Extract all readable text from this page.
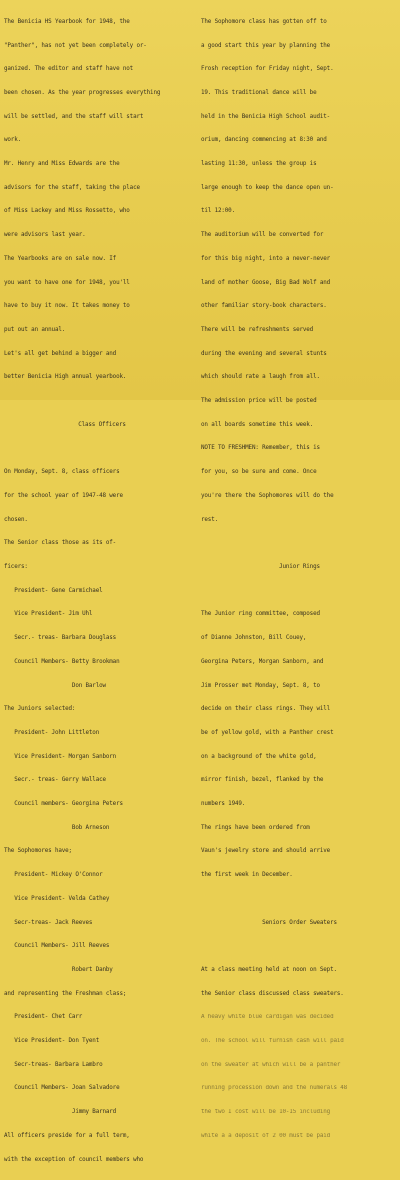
The Benicia HS Yearbook for 1948, the

"Panther", has not yet been completely or-

ganized. The editor and staff have not

been chosen. As the year progresses everything

will be settled, and the staff will start

work.

Mr. Henry and Miss Edwards are the

advisors for the staff, taking the place

of Miss Lackey and Miss Rossetto, who

were advisors last year.

The Yearbooks are on sale now. If

you want to have one for 1948, you'll

have to buy it now. It takes money to

put out an annual.

Let's all get behind a bigger and

better Benicia High annual yearbook.

Class Officers

On Monday, Sept. 8, class officers

for the school year of 1947-48 were

chosen.

The Senior class those as its of-

ficers:

President- Gene Carmichael

Vice President- Jim Uhl

Secr.- treas- Barbara Douglass

Council Members- Betty Brookman

Don Barlow

The Juniors selected:

President- John Littleton

Vice President- Morgan Sanborn

Secr.- treas- Gerry Wallace

Council members- Georgina Peters

Bob Arneson

The Sophomores have;

President- Mickey O'Connor

Vice President- Velda Cathey

Secr-treas- Jack Reeves

Council Members- Jill Reeves

Robert Danby

and representing the Freshman class;

President- Chet Carr

Vice President- Don Tyent

Secr-treas- Barbara Lambro

Council Members- Joan Salvadore

Jimmy Barnard

All officers preside for a full term,

with the exception of council members who

The Sophomore class has gotten off to

a good start this year by planning the

Frosh reception for Friday night, Sept.

19. This traditional dance will be

held in the Benicia High School audit-

orium, dancing commencing at 8:30 and

lasting 11:30, unless the group is

large enough to keep the dance open un-

til 12:00.

The auditorium will be converted for

for this big night, into a never-never

land of mother Goose, Big Bad Wolf and

other familiar story-book characters.

There will be refreshments served

during the evening and several stunts

which should rate a laugh from all.

The admission price will be posted

on all boards sometime this week.

NOTE TO FRESHMEN: Remember, this is

for you, so be sure and come. Once

you're there the Sophomores will do the

rest.

Junior Rings

The Junior ring committee, composed

of Dianne Johnston, Bill Couey,

Georgina Peters, Morgan Sanborn, and

Jim Prosser met Monday, Sept. 8, to

decide on their class rings. They will

be of yellow gold, with a Panther crest

on a background of the white gold,

mirror finish, bezel, flanked by the

numbers 1949.

The rings have been ordered from

Vaun's jewelry store and should arrive

the first week in December.

Seniors Order Sweaters

At a class meeting held at noon on Sept.

the Senior class discussed class sweaters.

A heavy white blue cardigan was decided

on. The school will furnish cash will paid

on the sweater at which will be a panther

running procession down and the numerals 48

the two I cost will be 10-15 including

white a a deposit of 2 00 must be paid
